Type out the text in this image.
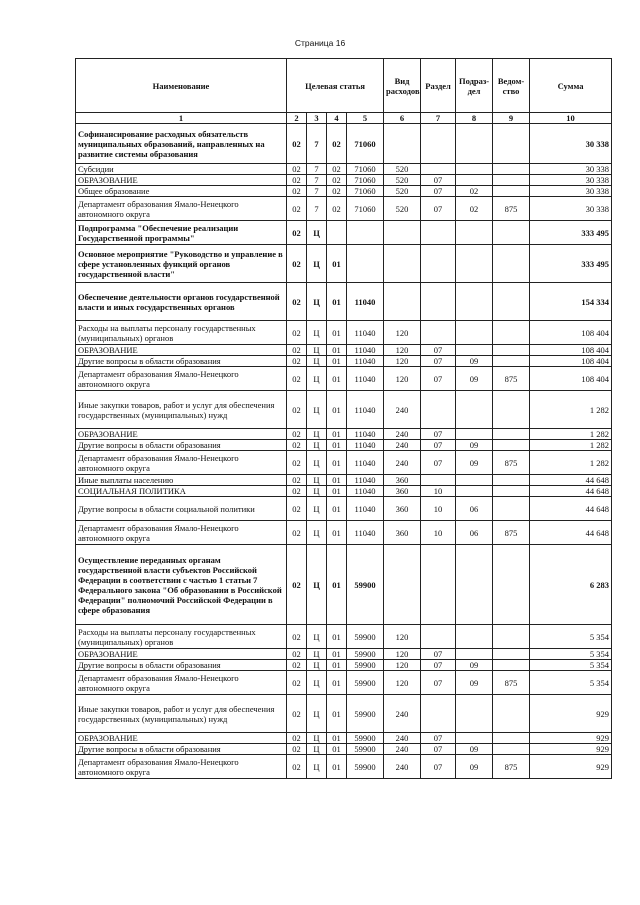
Страница 16
Наименование	Целевая статья				Вид расходов	Раздел	Подраз-дел	Ведом-ство	Сумма
1	2	3	4	5	6	7	8	9	10
Софинансирование расходных обязательств муниципальных образований, направленных на развитие системы образования	02	7	02	71060					30 338
Субсидии	02	7	02	71060	520				30 338
ОБРАЗОВАНИЕ	02	7	02	71060	520	07			30 338
Общее образование	02	7	02	71060	520	07	02		30 338
Департамент образования Ямало-Ненецкого автономного округа	02	7	02	71060	520	07	02	875	30 338
Подпрограмма "Обеспечение реализации Государственной программы"	02	Ц							333 495
Основное мероприятие "Руководство и управление в сфере установленных функций органов государственной власти"	02	Ц	01						333 495
Обеспечение деятельности органов государственной власти и иных государственных органов	02	Ц	01	11040					154 334
Расходы на выплаты персоналу государственных (муниципальных) органов	02	Ц	01	11040	120				108 404
ОБРАЗОВАНИЕ	02	Ц	01	11040	120	07			108 404
Другие вопросы в области образования	02	Ц	01	11040	120	07	09		108 404
Департамент образования Ямало-Ненецкого автономного округа	02	Ц	01	11040	120	07	09	875	108 404
Иные закупки товаров, работ и услуг для обеспечения государственных (муниципальных) нужд	02	Ц	01	11040	240				1 282
ОБРАЗОВАНИЕ	02	Ц	01	11040	240	07			1 282
Другие вопросы в области образования	02	Ц	01	11040	240	07	09		1 282
Департамент образования Ямало-Ненецкого автономного округа	02	Ц	01	11040	240	07	09	875	1 282
Иные выплаты населению	02	Ц	01	11040	360				44 648
СОЦИАЛЬНАЯ ПОЛИТИКА	02	Ц	01	11040	360	10			44 648
Другие вопросы в области социальной политики	02	Ц	01	11040	360	10	06		44 648
Департамент образования Ямало-Ненецкого автономного округа	02	Ц	01	11040	360	10	06	875	44 648
Осуществление переданных органам государственной власти субъектов Российской Федерации в соответствии с частью 1 статьи 7 Федерального закона "Об образовании в Российской Федерации" полномочий Российской Федерации в сфере образования	02	Ц	01	59900					6 283
Расходы на выплаты персоналу государственных (муниципальных) органов	02	Ц	01	59900	120				5 354
ОБРАЗОВАНИЕ	02	Ц	01	59900	120	07			5 354
Другие вопросы в области образования	02	Ц	01	59900	120	07	09		5 354
Департамент образования Ямало-Ненецкого автономного округа	02	Ц	01	59900	120	07	09	875	5 354
Иные закупки товаров, работ и услуг для обеспечения государственных (муниципальных) нужд	02	Ц	01	59900	240				929
ОБРАЗОВАНИЕ	02	Ц	01	59900	240	07			929
Другие вопросы в области образования	02	Ц	01	59900	240	07	09		929
Департамент образования Ямало-Ненецкого автономного округа	02	Ц	01	59900	240	07	09	875	929
